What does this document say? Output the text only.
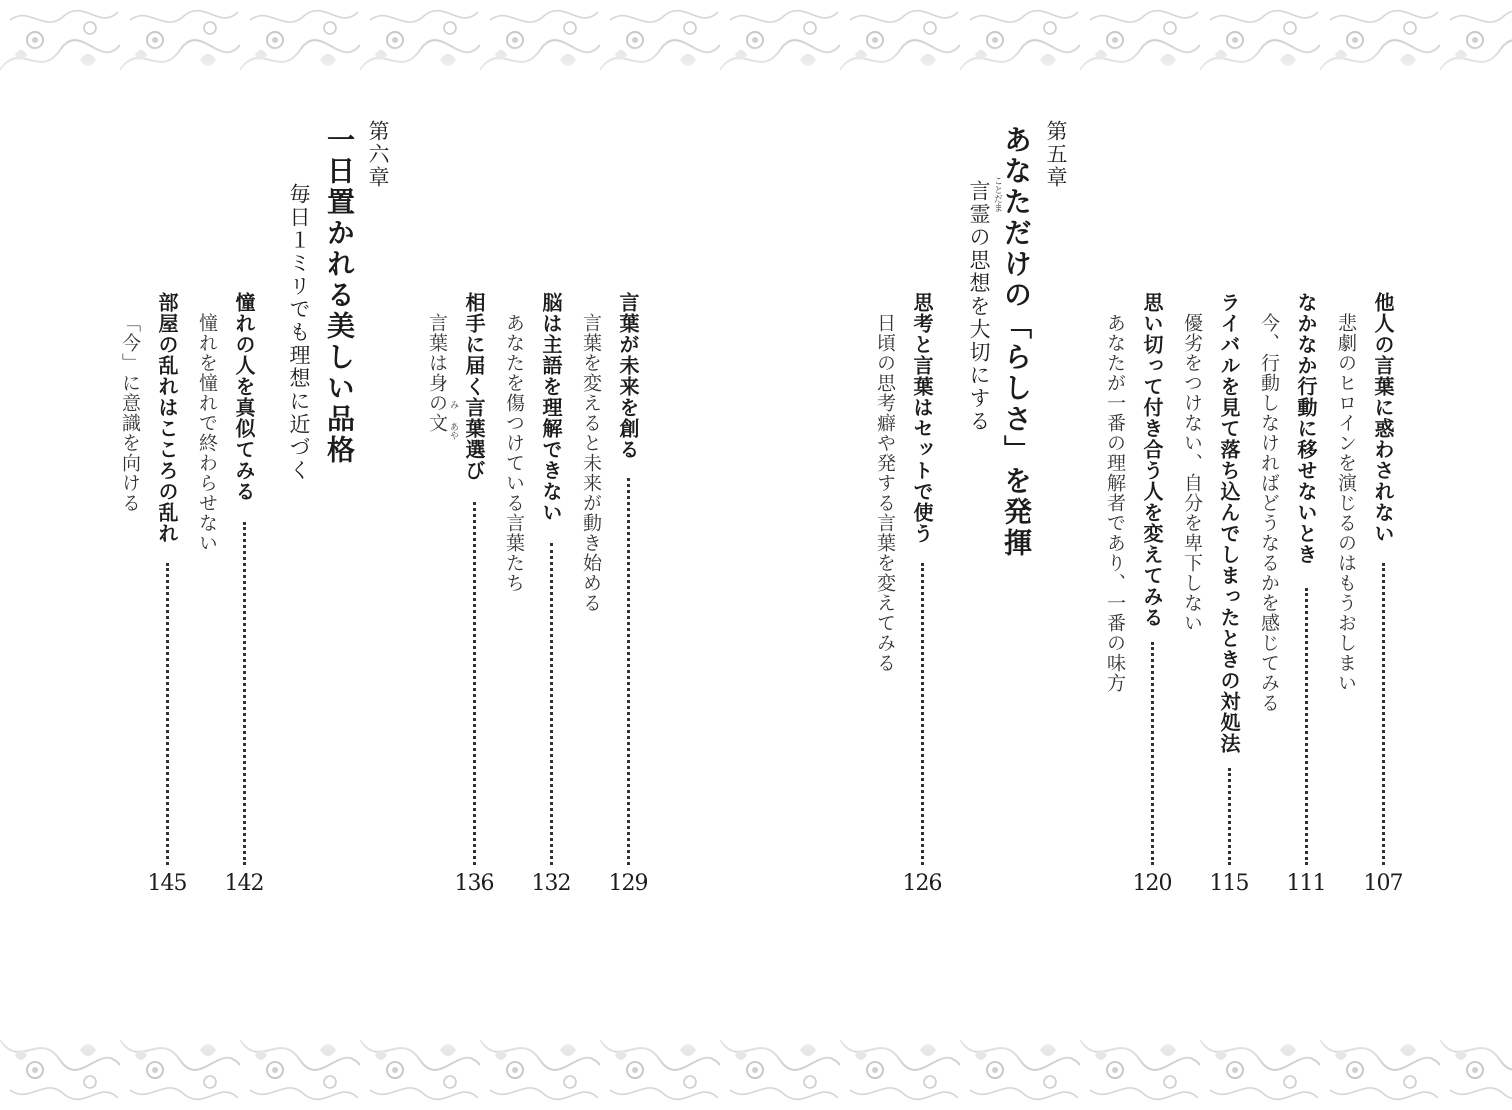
第五章
あなただけの「らしさ」を発揮
ことだま
言霊の思想を大切にする
第六章
一日置かれる美しい品格
毎日１ミリでも理想に近づく	他人の言葉に惑わされない
悲劇のヒロインを演じるのはもうおしまい
107
なかなか行動に移せないとき
今、行動しなければどうなるかを感じてみる
111
ライバルを見て落ち込んでしまったときの対処法
優劣をつけない、自分を卑下しない
115
思い切って付き合う人を変えてみる
あなたが一番の理解者であり、一番の味方
120
思考と言葉はセットで使う
日頃の思考癖や発する言葉を変えてみる
126
言葉が未来を創る
言葉を変えると未来が動き始める
129
脳は主語を理解できない
あなたを傷つけている言葉たち
132
相手に届く言葉選び
み
あや
言葉は身の文
136
憧れの人を真似てみる
憧れを憧れで終わらせない
142
部屋の乱れはこころの乱れ
「今」に意識を向ける
145
